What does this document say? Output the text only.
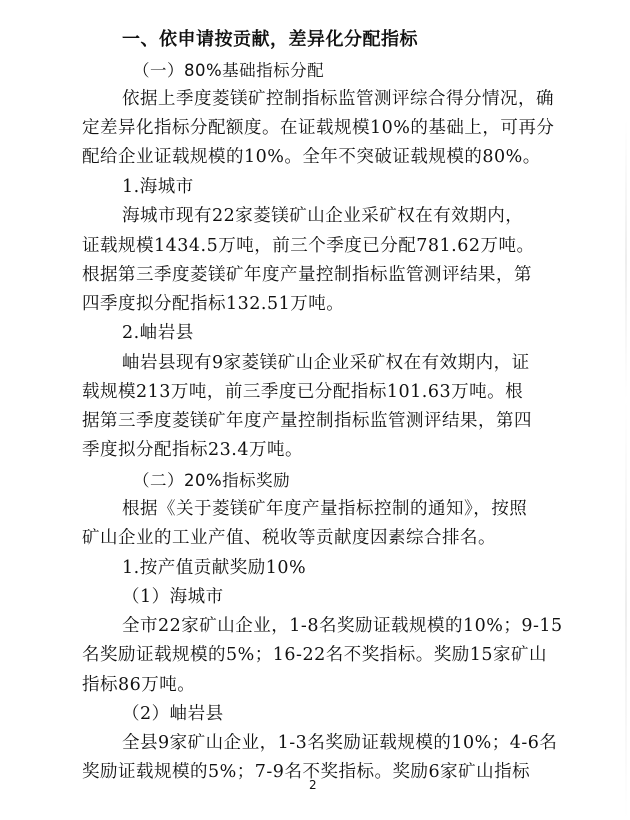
一、依申请按贡献，差异化分配指标
（一）80%基础指标分配
依据上季度菱镁矿控制指标监管测评综合得分情况，确
定差异化指标分配额度。在证载规模10%的基础上，可再分
配给企业证载规模的10%。全年不突破证载规模的80%。
1.海城市
海城市现有22家菱镁矿山企业采矿权在有效期内，
证载规模1434.5万吨，前三个季度已分配781.62万吨。
根据第三季度菱镁矿年度产量控制指标监管测评结果，第
四季度拟分配指标132.51万吨。
2.岫岩县
岫岩县现有9家菱镁矿山企业采矿权在有效期内，证
载规模213万吨，前三季度已分配指标101.63万吨。根
据第三季度菱镁矿年度产量控制指标监管测评结果，第四
季度拟分配指标23.4万吨。
（二）20%指标奖励
根据《关于菱镁矿年度产量指标控制的通知》，按照
矿山企业的工业产值、税收等贡献度因素综合排名。
1.按产值贡献奖励10%
（1）海城市
全市22家矿山企业，1-8名奖励证载规模的10%；9-15
名奖励证载规模的5%；16-22名不奖指标。奖励15家矿山
指标86万吨。
（2）岫岩县
全县9家矿山企业，1-3名奖励证载规模的10%；4-6名
奖励证载规模的5%；7-9名不奖指标。奖励6家矿山指标
2
